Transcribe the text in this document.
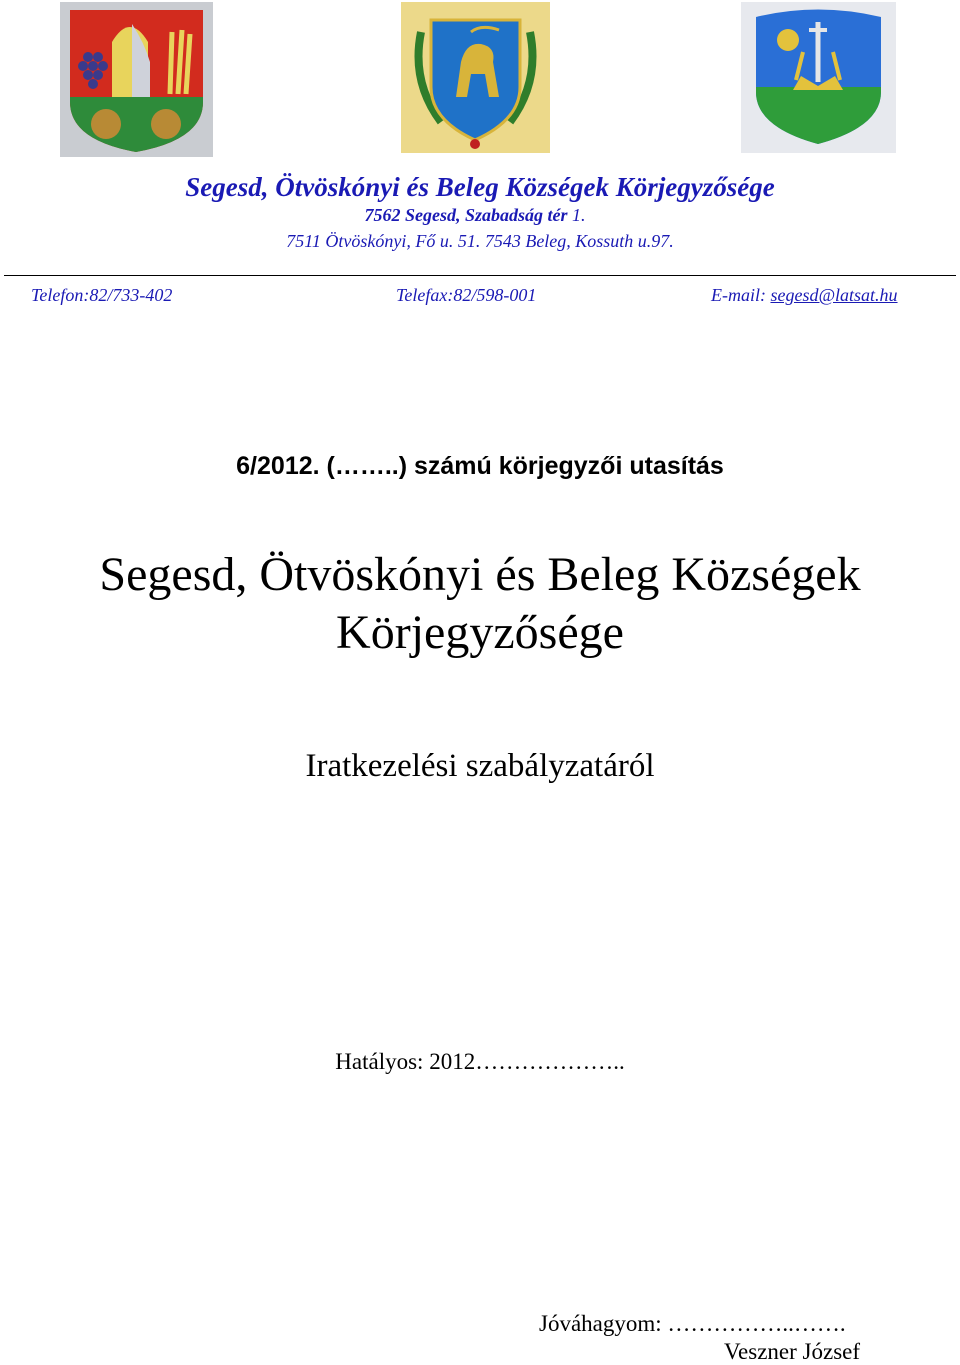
Segesd, Ötvöskónyi és Beleg Községek Körjegyzősége
7562 Segesd, Szabadság tér 1.
7511 Ötvöskónyi, Fő u. 51. 7543 Beleg, Kossuth u.97.
Telefon:82/733-402	Telefax:82/598-001	E-mail: segesd@latsat.hu
6/2012. (……..) számú körjegyzői utasítás
Segesd, Ötvöskónyi és Beleg Községek Körjegyzősége
Iratkezelési szabályzatáról
Hatályos: 2012………………..
Jóváhagyom: ……………..…….
Veszner József
